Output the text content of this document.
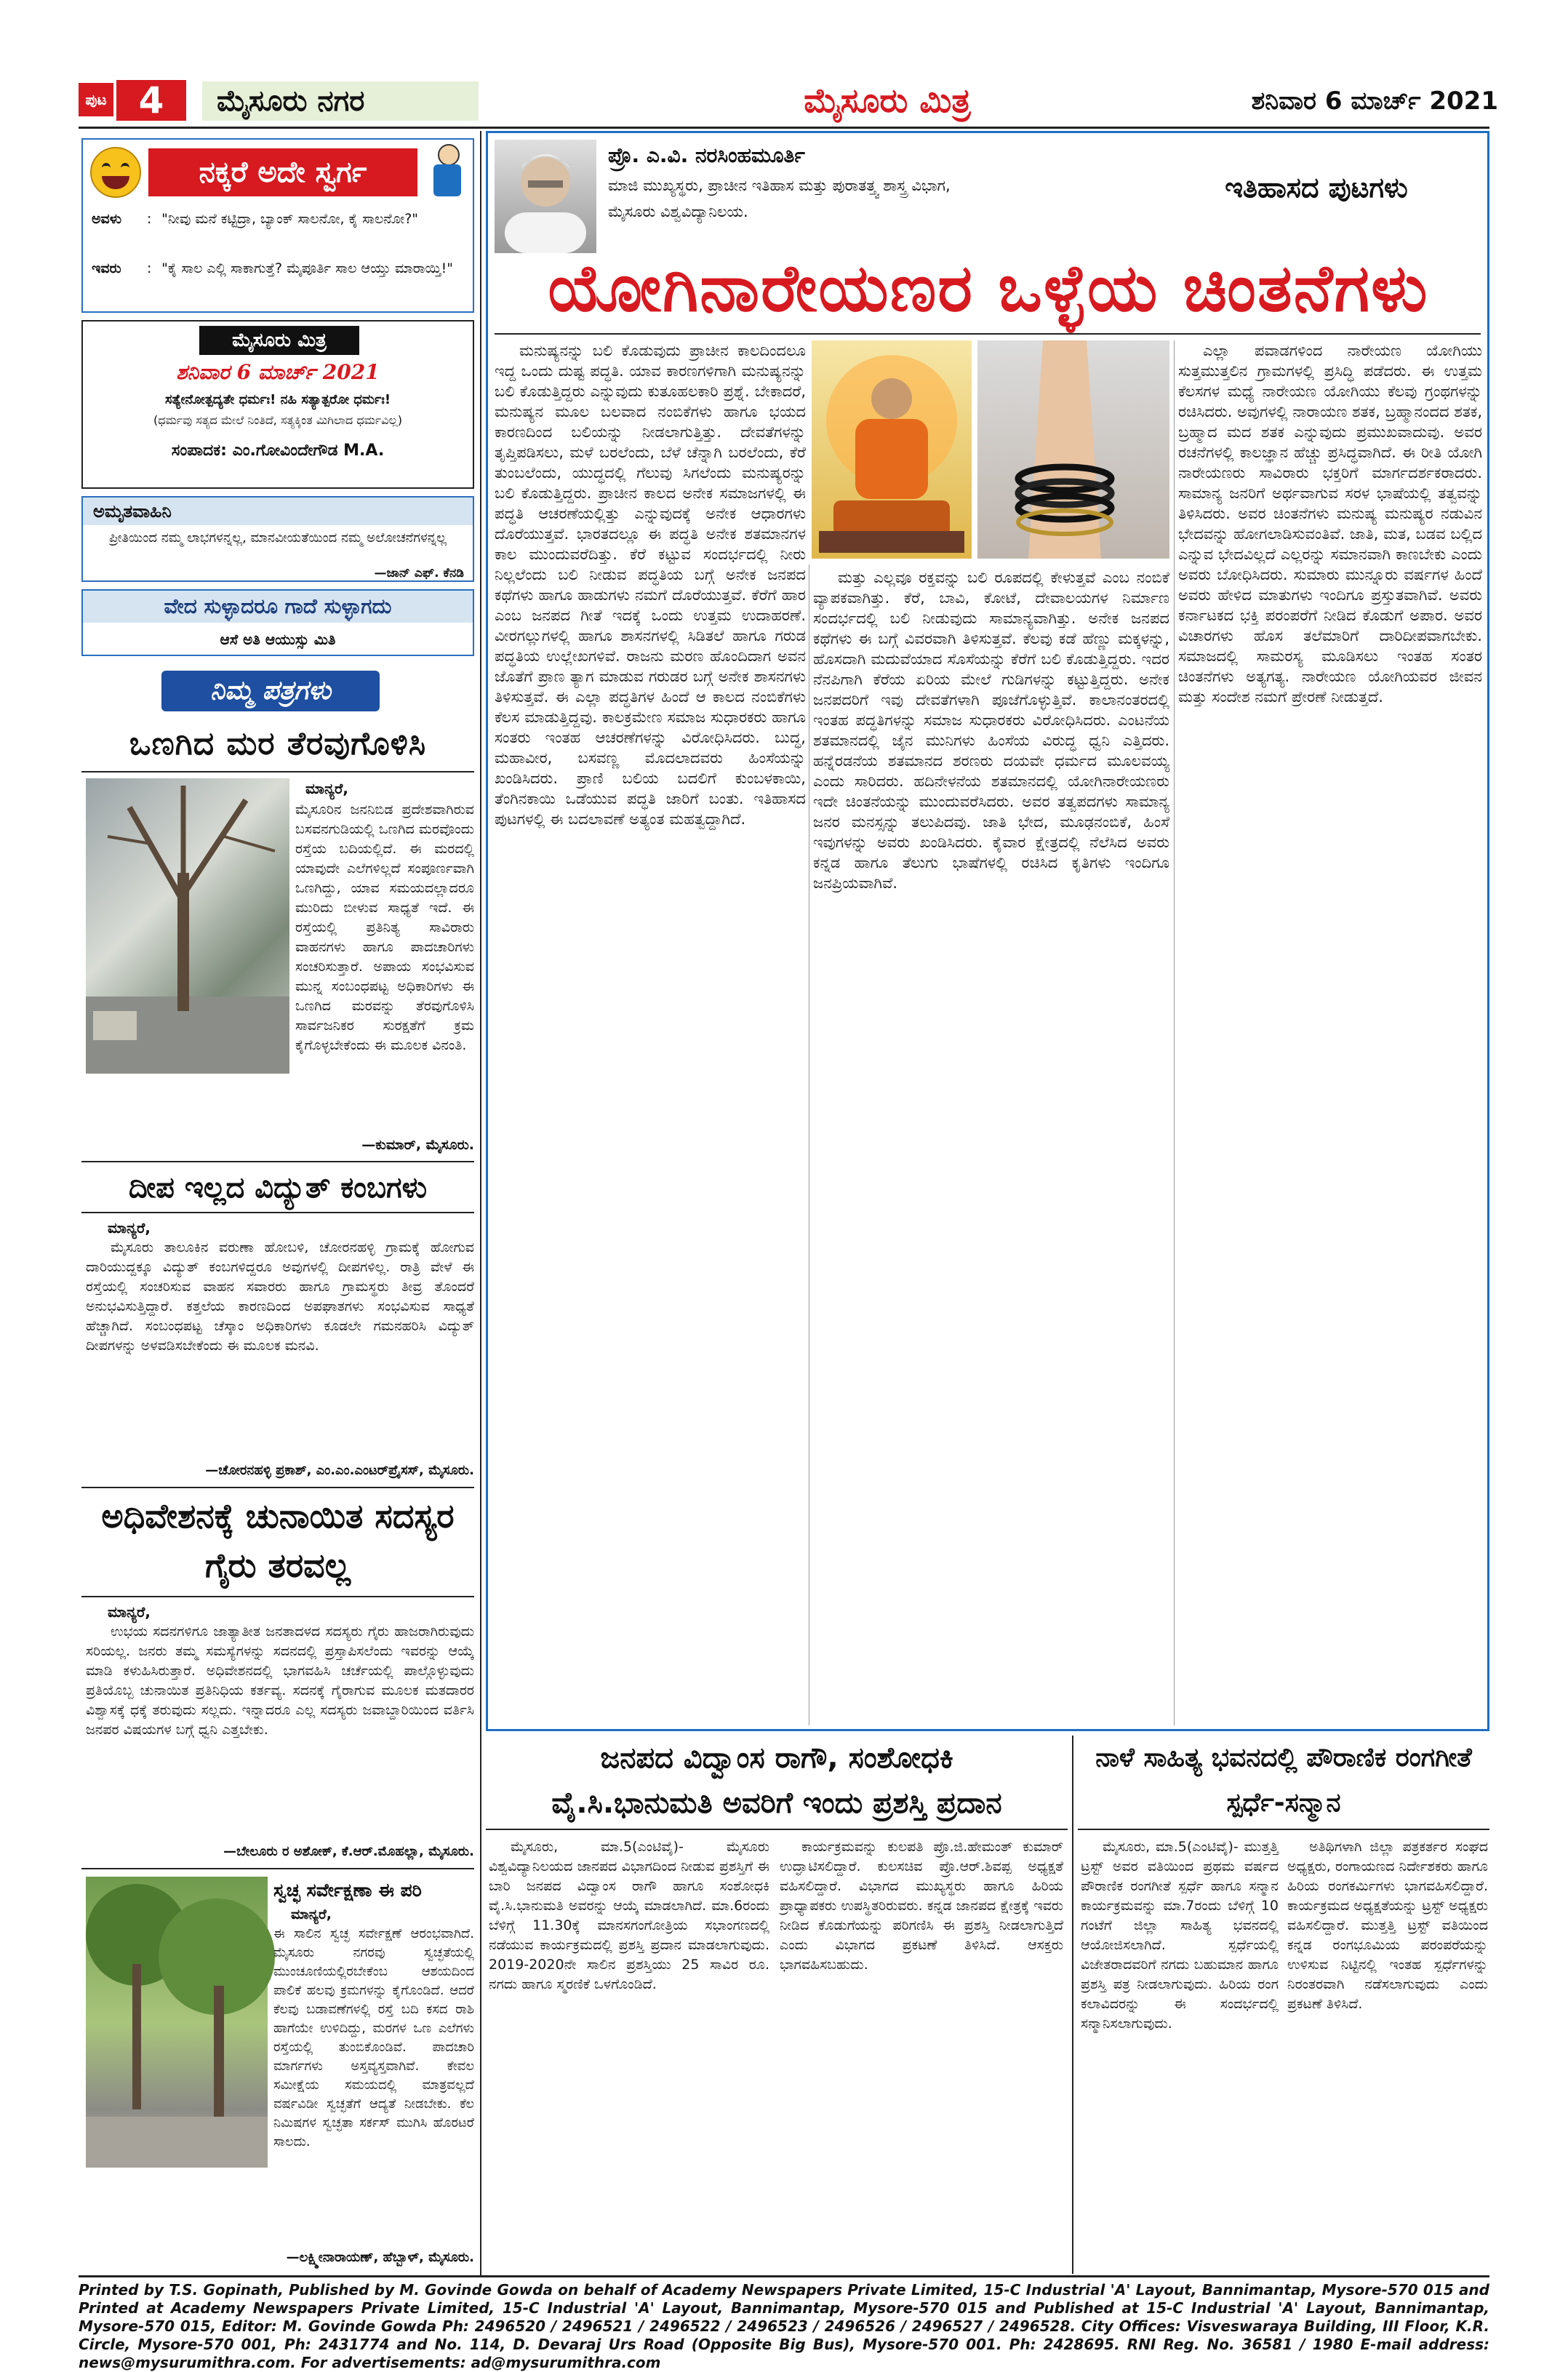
ಪುಟ 4	ಮೈಸೂರು ನಗರ	ಮೈಸೂರು ಮಿತ್ರ	ಶನಿವಾರ 6 ಮಾರ್ಚ್ 2021
ನಕ್ಕರೆ ಅದೇ ಸ್ವರ್ಗ
ಅವಳು : "ನೀವು ಮನೆ ಕಟ್ಟಿದ್ರಾ, ಬ್ಯಾಂಕ್ ಸಾಲನೋ, ಕೈ ಸಾಲನೋ?"
ಇವರು : "ಕೈ ಸಾಲ ಎಲ್ಲಿ ಸಾಕಾಗುತ್ತೆ? ಮೈಪೂರ್ತಿ ಸಾಲ ಆಯ್ತು ಮಾರಾಯ್ತಿ!"
ಮೈಸೂರು ಮಿತ್ರ
ಶನಿವಾರ 6 ಮಾರ್ಚ್ 2021
ಸತ್ಯೇನೋತ್ಪದ್ಯತೇ ಧರ್ಮಃ! ನಹಿ ಸತ್ಯಾತ್ಪರೋ ಧರ್ಮಃ!
(ಧರ್ಮವು ಸತ್ಯದ ಮೇಲೆ ನಿಂತಿದೆ, ಸತ್ಯಕ್ಕಿಂತ ಮಿಗಿಲಾದ ಧರ್ಮವಿಲ್ಲ)
ಸಂಪಾದಕ: ಎಂ.ಗೋವಿಂದೇಗೌಡ M.A.
ಅಮೃತವಾಹಿನಿ
ಪ್ರೀತಿಯಿಂದ ನಮ್ಮ ಲಾಭಗಳನ್ನಲ್ಲ, ಮಾನವೀಯತೆಯಿಂದ ನಮ್ಮ ಅಲೋಚನೆಗಳನ್ನಲ್ಲ
—ಜಾನ್ ಎಫ್. ಕೆನಡಿ
ವೇದ ಸುಳ್ಳಾದರೂ ಗಾದೆ ಸುಳ್ಳಾಗದು
ಆಸೆ ಅತಿ ಆಯುಸ್ಸು ಮಿತಿ
ನಿಮ್ಮ ಪತ್ರಗಳು
ಒಣಗಿದ ಮರ ತೆರವುಗೊಳಿಸಿ
ಮಾನ್ಯರೆ,
ಮೈಸೂರಿನ ಜನನಿಬಿಡ ಪ್ರದೇಶವಾಗಿರುವ ಬಸವನಗುಡಿಯಲ್ಲಿ ಒಣಗಿದ ಮರವೊಂದು ರಸ್ತೆಯ ಬದಿಯಲ್ಲಿದೆ. ಈ ಮರದಲ್ಲಿ ಯಾವುದೇ ಎಲೆಗಳಿಲ್ಲದೆ ಸಂಪೂರ್ಣವಾಗಿ ಒಣಗಿದ್ದು, ಯಾವ ಸಮಯದಲ್ಲಾದರೂ ಮುರಿದು ಬೀಳುವ ಸಾಧ್ಯತೆ ಇದೆ. ಈ ರಸ್ತೆಯಲ್ಲಿ ಪ್ರತಿನಿತ್ಯ ಸಾವಿರಾರು ವಾಹನಗಳು ಹಾಗೂ ಪಾದಚಾರಿಗಳು ಸಂಚರಿಸುತ್ತಾರೆ. ಅಪಾಯ ಸಂಭವಿಸುವ ಮುನ್ನ ಸಂಬಂಧಪಟ್ಟ ಅಧಿಕಾರಿಗಳು ಈ ಒಣಗಿದ ಮರವನ್ನು ತೆರವುಗೊಳಿಸಿ ಸಾರ್ವಜನಿಕರ ಸುರಕ್ಷತೆಗೆ ಕ್ರಮ ಕೈಗೊಳ್ಳಬೇಕೆಂದು ಈ ಮೂಲಕ ವಿನಂತಿ.
—ಕುಮಾರ್, ಮೈಸೂರು.
ದೀಪ ಇಲ್ಲದ ವಿದ್ಯುತ್ ಕಂಬಗಳು
ಮಾನ್ಯರೆ,
ಮೈಸೂರು ತಾಲೂಕಿನ ವರುಣಾ ಹೋಬಳಿ, ಚೋರನಹಳ್ಳಿ ಗ್ರಾಮಕ್ಕೆ ಹೋಗುವ ದಾರಿಯುದ್ದಕ್ಕೂ ವಿದ್ಯುತ್ ಕಂಬಗಳಿದ್ದರೂ ಅವುಗಳಲ್ಲಿ ದೀಪಗಳಿಲ್ಲ. ರಾತ್ರಿ ವೇಳೆ ಈ ರಸ್ತೆಯಲ್ಲಿ ಸಂಚರಿಸುವ ವಾಹನ ಸವಾರರು ಹಾಗೂ ಗ್ರಾಮಸ್ಥರು ತೀವ್ರ ತೊಂದರೆ ಅನುಭವಿಸುತ್ತಿದ್ದಾರೆ. ಕತ್ತಲೆಯ ಕಾರಣದಿಂದ ಅಪಘಾತಗಳು ಸಂಭವಿಸುವ ಸಾಧ್ಯತೆ ಹೆಚ್ಚಾಗಿದೆ. ಸಂಬಂಧಪಟ್ಟ ಚೆಸ್ಕಾಂ ಅಧಿಕಾರಿಗಳು ಕೂಡಲೇ ಗಮನಹರಿಸಿ ವಿದ್ಯುತ್ ದೀಪಗಳನ್ನು ಅಳವಡಿಸಬೇಕೆಂದು ಈ ಮೂಲಕ ಮನವಿ.
—ಚೋರನಹಳ್ಳಿ ಪ್ರಕಾಶ್, ಎಂ.ಎಂ.ಎಂಟರ್‌ಪ್ರೈಸಸ್, ಮೈಸೂರು.
ಅಧಿವೇಶನಕ್ಕೆ ಚುನಾಯಿತ ಸದಸ್ಯರ ಗೈರು ತರವಲ್ಲ
ಮಾನ್ಯರೆ,
ಉಭಯ ಸದನಗಳಿಗೂ ಜಾತ್ಯಾತೀತ ಜನತಾದಳದ ಸದಸ್ಯರು ಗೈರು ಹಾಜರಾಗಿರುವುದು ಸರಿಯಲ್ಲ. ಜನರು ತಮ್ಮ ಸಮಸ್ಯೆಗಳನ್ನು ಸದನದಲ್ಲಿ ಪ್ರಸ್ತಾಪಿಸಲೆಂದು ಇವರನ್ನು ಆಯ್ಕೆ ಮಾಡಿ ಕಳುಹಿಸಿರುತ್ತಾರೆ. ಅಧಿವೇಶನದಲ್ಲಿ ಭಾಗವಹಿಸಿ ಚರ್ಚೆಯಲ್ಲಿ ಪಾಲ್ಗೊಳ್ಳುವುದು ಪ್ರತಿಯೊಬ್ಬ ಚುನಾಯಿತ ಪ್ರತಿನಿಧಿಯ ಕರ್ತವ್ಯ. ಸದನಕ್ಕೆ ಗೈರಾಗುವ ಮೂಲಕ ಮತದಾರರ ವಿಶ್ವಾಸಕ್ಕೆ ಧಕ್ಕೆ ತರುವುದು ಸಲ್ಲದು. ಇನ್ನಾದರೂ ಎಲ್ಲ ಸದಸ್ಯರು ಜವಾಬ್ದಾರಿಯಿಂದ ವರ್ತಿಸಿ ಜನಪರ ವಿಷಯಗಳ ಬಗ್ಗೆ ಧ್ವನಿ ಎತ್ತಬೇಕು.
—ಬೇಲೂರು ರ ಅಶೋಕ್, ಕೆ.ಆರ್.ಮೊಹಲ್ಲಾ, ಮೈಸೂರು.
ಸ್ವಚ್ಛ ಸರ್ವೇಕ್ಷಣಾ ಈ ಪರಿ
ಮಾನ್ಯರೆ,
ಈ ಸಾಲಿನ ಸ್ವಚ್ಛ ಸರ್ವೇಕ್ಷಣೆ ಆರಂಭವಾಗಿದೆ. ಮೈಸೂರು ನಗರವು ಸ್ವಚ್ಛತೆಯಲ್ಲಿ ಮುಂಚೂಣಿಯಲ್ಲಿರಬೇಕೆಂಬ ಆಶಯದಿಂದ ಪಾಲಿಕೆ ಹಲವು ಕ್ರಮಗಳನ್ನು ಕೈಗೊಂಡಿದೆ. ಆದರೆ ಕೆಲವು ಬಡಾವಣೆಗಳಲ್ಲಿ ರಸ್ತೆ ಬದಿ ಕಸದ ರಾಶಿ ಹಾಗೆಯೇ ಉಳಿದಿದ್ದು, ಮರಗಳ ಒಣ ಎಲೆಗಳು ರಸ್ತೆಯಲ್ಲಿ ತುಂಬಿಕೊಂಡಿವೆ. ಪಾದಚಾರಿ ಮಾರ್ಗಗಳು ಅಸ್ತವ್ಯಸ್ತವಾಗಿವೆ. ಕೇವಲ ಸಮೀಕ್ಷೆಯ ಸಮಯದಲ್ಲಿ ಮಾತ್ರವಲ್ಲದೆ ವರ್ಷವಿಡೀ ಸ್ವಚ್ಛತೆಗೆ ಆದ್ಯತೆ ನೀಡಬೇಕು. ಕೆಲ ನಿಮಿಷಗಳ ಸ್ವಚ್ಛತಾ ಸರ್ಕಸ್ ಮುಗಿಸಿ ಹೊರಟರೆ ಸಾಲದು.
—ಲಕ್ಷ್ಮೀನಾರಾಯಣ್, ಹೆಬ್ಬಾಳ್, ಮೈಸೂರು.
ಪ್ರೊ. ಎ.ವಿ. ನರಸಿಂಹಮೂರ್ತಿ
ಮಾಜಿ ಮುಖ್ಯಸ್ಥರು, ಪ್ರಾಚೀನ ಇತಿಹಾಸ ಮತ್ತು ಪುರಾತತ್ತ್ವ ಶಾಸ್ತ್ರ ವಿಭಾಗ,
ಮೈಸೂರು ವಿಶ್ವವಿದ್ಯಾನಿಲಯ.
ಇತಿಹಾಸದ ಪುಟಗಳು
ಯೋಗಿನಾರೇಯಣರ ಒಳ್ಳೆಯ ಚಿಂತನೆಗಳು
ಮನುಷ್ಯನನ್ನು ಬಲಿ ಕೊಡುವುದು ಪ್ರಾಚೀನ ಕಾಲದಿಂದಲೂ ಇದ್ದ ಒಂದು ದುಷ್ಟ ಪದ್ಧತಿ. ಯಾವ ಕಾರಣಗಳಿಗಾಗಿ ಮನುಷ್ಯನನ್ನು ಬಲಿ ಕೊಡುತ್ತಿದ್ದರು ಎನ್ನುವುದು ಕುತೂಹಲಕಾರಿ ಪ್ರಶ್ನೆ. ಬೇಕಾದರೆ, ಮನುಷ್ಯನ ಮೂಲ ಬಲವಾದ ನಂಬಿಕೆಗಳು ಹಾಗೂ ಭಯದ ಕಾರಣದಿಂದ ಬಲಿಯನ್ನು ನೀಡಲಾಗುತ್ತಿತ್ತು. ದೇವತೆಗಳನ್ನು ತೃಪ್ತಿಪಡಿಸಲು, ಮಳೆ ಬರಲೆಂದು, ಬೆಳೆ ಚೆನ್ನಾಗಿ ಬರಲೆಂದು, ಕೆರೆ ತುಂಬಲೆಂದು, ಯುದ್ಧದಲ್ಲಿ ಗೆಲುವು ಸಿಗಲೆಂದು ಮನುಷ್ಯರನ್ನು ಬಲಿ ಕೊಡುತ್ತಿದ್ದರು. ಪ್ರಾಚೀನ ಕಾಲದ ಅನೇಕ ಸಮಾಜಗಳಲ್ಲಿ ಈ ಪದ್ಧತಿ ಆಚರಣೆಯಲ್ಲಿತ್ತು ಎನ್ನುವುದಕ್ಕೆ ಅನೇಕ ಆಧಾರಗಳು ದೊರೆಯುತ್ತವೆ. ಭಾರತದಲ್ಲೂ ಈ ಪದ್ಧತಿ ಅನೇಕ ಶತಮಾನಗಳ ಕಾಲ ಮುಂದುವರೆದಿತ್ತು. ಕೆರೆ ಕಟ್ಟುವ ಸಂದರ್ಭದಲ್ಲಿ ನೀರು ನಿಲ್ಲಲೆಂದು ಬಲಿ ನೀಡುವ ಪದ್ಧತಿಯ ಬಗ್ಗೆ ಅನೇಕ ಜನಪದ ಕಥೆಗಳು ಹಾಗೂ ಹಾಡುಗಳು ನಮಗೆ ದೊರೆಯುತ್ತವೆ. ಕೆರೆಗೆ ಹಾರ ಎಂಬ ಜನಪದ ಗೀತೆ ಇದಕ್ಕೆ ಒಂದು ಉತ್ತಮ ಉದಾಹರಣೆ. ವೀರಗಲ್ಲುಗಳಲ್ಲಿ ಹಾಗೂ ಶಾಸನಗಳಲ್ಲಿ ಸಿಡಿತಲೆ ಹಾಗೂ ಗರುಡ ಪದ್ಧತಿಯ ಉಲ್ಲೇಖಗಳಿವೆ. ರಾಜನು ಮರಣ ಹೊಂದಿದಾಗ ಅವನ ಜೊತೆಗೆ ಪ್ರಾಣ ತ್ಯಾಗ ಮಾಡುವ ಗರುಡರ ಬಗ್ಗೆ ಅನೇಕ ಶಾಸನಗಳು ತಿಳಿಸುತ್ತವೆ. ಈ ಎಲ್ಲಾ ಪದ್ಧತಿಗಳ ಹಿಂದೆ ಆ ಕಾಲದ ನಂಬಿಕೆಗಳು ಕೆಲಸ ಮಾಡುತ್ತಿದ್ದವು. ಕಾಲಕ್ರಮೇಣ ಸಮಾಜ ಸುಧಾರಕರು ಹಾಗೂ ಸಂತರು ಇಂತಹ ಆಚರಣೆಗಳನ್ನು ವಿರೋಧಿಸಿದರು. ಬುದ್ಧ, ಮಹಾವೀರ, ಬಸವಣ್ಣ ಮೊದಲಾದವರು ಹಿಂಸೆಯನ್ನು ಖಂಡಿಸಿದರು. ಪ್ರಾಣಿ ಬಲಿಯ ಬದಲಿಗೆ ಕುಂಬಳಕಾಯಿ, ತೆಂಗಿನಕಾಯಿ ಒಡೆಯುವ ಪದ್ಧತಿ ಜಾರಿಗೆ ಬಂತು. ಇತಿಹಾಸದ ಪುಟಗಳಲ್ಲಿ ಈ ಬದಲಾವಣೆ ಅತ್ಯಂತ ಮಹತ್ವದ್ದಾಗಿದೆ.
ಮತ್ತು ಎಲ್ಲವೂ ರಕ್ತವನ್ನು ಬಲಿ ರೂಪದಲ್ಲಿ ಕೇಳುತ್ತವೆ ಎಂಬ ನಂಬಿಕೆ ವ್ಯಾಪಕವಾಗಿತ್ತು. ಕೆರೆ, ಬಾವಿ, ಕೋಟೆ, ದೇವಾಲಯಗಳ ನಿರ್ಮಾಣ ಸಂದರ್ಭದಲ್ಲಿ ಬಲಿ ನೀಡುವುದು ಸಾಮಾನ್ಯವಾಗಿತ್ತು. ಅನೇಕ ಜನಪದ ಕಥೆಗಳು ಈ ಬಗ್ಗೆ ವಿವರವಾಗಿ ತಿಳಿಸುತ್ತವೆ. ಕೆಲವು ಕಡೆ ಹೆಣ್ಣು ಮಕ್ಕಳನ್ನು, ಹೊಸದಾಗಿ ಮದುವೆಯಾದ ಸೊಸೆಯನ್ನು ಕೆರೆಗೆ ಬಲಿ ಕೊಡುತ್ತಿದ್ದರು. ಇದರ ನೆನಪಿಗಾಗಿ ಕೆರೆಯ ಏರಿಯ ಮೇಲೆ ಗುಡಿಗಳನ್ನು ಕಟ್ಟುತ್ತಿದ್ದರು. ಅನೇಕ ಜನಪದರಿಗೆ ಇವು ದೇವತೆಗಳಾಗಿ ಪೂಜೆಗೊಳ್ಳುತ್ತಿವೆ. ಕಾಲಾನಂತರದಲ್ಲಿ ಇಂತಹ ಪದ್ಧತಿಗಳನ್ನು ಸಮಾಜ ಸುಧಾರಕರು ವಿರೋಧಿಸಿದರು. ಎಂಟನೆಯ ಶತಮಾನದಲ್ಲಿ ಜೈನ ಮುನಿಗಳು ಹಿಂಸೆಯ ವಿರುದ್ಧ ಧ್ವನಿ ಎತ್ತಿದರು. ಹನ್ನೆರಡನೆಯ ಶತಮಾನದ ಶರಣರು ದಯವೇ ಧರ್ಮದ ಮೂಲವಯ್ಯ ಎಂದು ಸಾರಿದರು. ಹದಿನೇಳನೆಯ ಶತಮಾನದಲ್ಲಿ ಯೋಗಿನಾರೇಯಣರು ಇದೇ ಚಿಂತನೆಯನ್ನು ಮುಂದುವರೆಸಿದರು. ಅವರ ತತ್ವಪದಗಳು ಸಾಮಾನ್ಯ ಜನರ ಮನಸ್ಸನ್ನು ತಲುಪಿದವು. ಜಾತಿ ಭೇದ, ಮೂಢನಂಬಿಕೆ, ಹಿಂಸೆ ಇವುಗಳನ್ನು ಅವರು ಖಂಡಿಸಿದರು. ಕೈವಾರ ಕ್ಷೇತ್ರದಲ್ಲಿ ನೆಲೆಸಿದ ಅವರು ಕನ್ನಡ ಹಾಗೂ ತೆಲುಗು ಭಾಷೆಗಳಲ್ಲಿ ರಚಿಸಿದ ಕೃತಿಗಳು ಇಂದಿಗೂ ಜನಪ್ರಿಯವಾಗಿವೆ.
ಎಲ್ಲಾ ಪವಾಡಗಳಿಂದ ನಾರೇಯಣ ಯೋಗಿಯು ಸುತ್ತಮುತ್ತಲಿನ ಗ್ರಾಮಗಳಲ್ಲಿ ಪ್ರಸಿದ್ಧಿ ಪಡೆದರು. ಈ ಉತ್ತಮ ಕೆಲಸಗಳ ಮಧ್ಯೆ ನಾರೇಯಣ ಯೋಗಿಯು ಕೆಲವು ಗ್ರಂಥಗಳನ್ನು ರಚಿಸಿದರು. ಅವುಗಳಲ್ಲಿ ನಾರಾಯಣ ಶತಕ, ಬ್ರಹ್ಮಾನಂದದ ಶತಕ, ಬ್ರಹ್ಮಾದ ಮದ ಶತಕ ಎನ್ನುವುದು ಪ್ರಮುಖವಾದುವು. ಅವರ ರಚನೆಗಳಲ್ಲಿ ಕಾಲಜ್ಞಾನ ಹೆಚ್ಚು ಪ್ರಸಿದ್ಧವಾಗಿದೆ. ಈ ರೀತಿ ಯೋಗಿ ನಾರೇಯಣರು ಸಾವಿರಾರು ಭಕ್ತರಿಗೆ ಮಾರ್ಗದರ್ಶಕರಾದರು. ಸಾಮಾನ್ಯ ಜನರಿಗೆ ಅರ್ಥವಾಗುವ ಸರಳ ಭಾಷೆಯಲ್ಲಿ ತತ್ವವನ್ನು ತಿಳಿಸಿದರು. ಅವರ ಚಿಂತನೆಗಳು ಮನುಷ್ಯ ಮನುಷ್ಯರ ನಡುವಿನ ಭೇದವನ್ನು ಹೋಗಲಾಡಿಸುವಂತಿವೆ. ಜಾತಿ, ಮತ, ಬಡವ ಬಲ್ಲಿದ ಎನ್ನುವ ಭೇದವಿಲ್ಲದೆ ಎಲ್ಲರನ್ನು ಸಮಾನವಾಗಿ ಕಾಣಬೇಕು ಎಂದು ಅವರು ಬೋಧಿಸಿದರು. ಸುಮಾರು ಮುನ್ನೂರು ವರ್ಷಗಳ ಹಿಂದೆ ಅವರು ಹೇಳಿದ ಮಾತುಗಳು ಇಂದಿಗೂ ಪ್ರಸ್ತುತವಾಗಿವೆ. ಅವರು ಕರ್ನಾಟಕದ ಭಕ್ತಿ ಪರಂಪರೆಗೆ ನೀಡಿದ ಕೊಡುಗೆ ಅಪಾರ. ಅವರ ವಿಚಾರಗಳು ಹೊಸ ತಲೆಮಾರಿಗೆ ದಾರಿದೀಪವಾಗಬೇಕು. ಸಮಾಜದಲ್ಲಿ ಸಾಮರಸ್ಯ ಮೂಡಿಸಲು ಇಂತಹ ಸಂತರ ಚಿಂತನೆಗಳು ಅತ್ಯಗತ್ಯ. ನಾರೇಯಣ ಯೋಗಿಯವರ ಜೀವನ ಮತ್ತು ಸಂದೇಶ ನಮಗೆ ಪ್ರೇರಣೆ ನೀಡುತ್ತದೆ.
ಜನಪದ ವಿದ್ವಾಂಸ ರಾಗೌ, ಸಂಶೋಧಕಿ
ವೈ.ಸಿ.ಭಾನುಮತಿ ಅವರಿಗೆ ಇಂದು ಪ್ರಶಸ್ತಿ ಪ್ರದಾನ
ಮೈಸೂರು, ಮಾ.5(ಎಂಟಿವೈ)- ಮೈಸೂರು ವಿಶ್ವವಿದ್ಯಾನಿಲಯದ ಜಾನಪದ ವಿಭಾಗದಿಂದ ನೀಡುವ ಪ್ರಶಸ್ತಿಗೆ ಈ ಬಾರಿ ಜನಪದ ವಿದ್ವಾಂಸ ರಾಗೌ ಹಾಗೂ ಸಂಶೋಧಕಿ ವೈ.ಸಿ.ಭಾನುಮತಿ ಅವರನ್ನು ಆಯ್ಕೆ ಮಾಡಲಾಗಿದೆ. ಮಾ.6ರಂದು ಬೆಳಿಗ್ಗೆ 11.30ಕ್ಕೆ ಮಾನಸಗಂಗೋತ್ರಿಯ ಸಭಾಂಗಣದಲ್ಲಿ ನಡೆಯುವ ಕಾರ್ಯಕ್ರಮದಲ್ಲಿ ಪ್ರಶಸ್ತಿ ಪ್ರದಾನ ಮಾಡಲಾಗುವುದು. 2019-2020ನೇ ಸಾಲಿನ ಪ್ರಶಸ್ತಿಯು 25 ಸಾವಿರ ರೂ. ನಗದು ಹಾಗೂ ಸ್ಮರಣಿಕೆ ಒಳಗೊಂಡಿದೆ.
ಕಾರ್ಯಕ್ರಮವನ್ನು ಕುಲಪತಿ ಪ್ರೊ.ಜಿ.ಹೇಮಂತ್ ಕುಮಾರ್ ಉದ್ಘಾಟಿಸಲಿದ್ದಾರೆ. ಕುಲಸಚಿವ ಪ್ರೊ.ಆರ್.ಶಿವಪ್ಪ ಅಧ್ಯಕ್ಷತೆ ವಹಿಸಲಿದ್ದಾರೆ. ವಿಭಾಗದ ಮುಖ್ಯಸ್ಥರು ಹಾಗೂ ಹಿರಿಯ ಪ್ರಾಧ್ಯಾಪಕರು ಉಪಸ್ಥಿತರಿರುವರು. ಕನ್ನಡ ಜಾನಪದ ಕ್ಷೇತ್ರಕ್ಕೆ ಇವರು ನೀಡಿದ ಕೊಡುಗೆಯನ್ನು ಪರಿಗಣಿಸಿ ಈ ಪ್ರಶಸ್ತಿ ನೀಡಲಾಗುತ್ತಿದೆ ಎಂದು ವಿಭಾಗದ ಪ್ರಕಟಣೆ ತಿಳಿಸಿದೆ. ಆಸಕ್ತರು ಭಾಗವಹಿಸಬಹುದು.
ನಾಳೆ ಸಾಹಿತ್ಯ ಭವನದಲ್ಲಿ ಪೌರಾಣಿಕ ರಂಗಗೀತೆ ಸ್ಪರ್ಧೆ-ಸನ್ಮಾನ
ಮೈಸೂರು, ಮಾ.5(ಎಂಟಿವೈ)- ಮುತ್ತತ್ತಿ ಟ್ರಸ್ಟ್ ಅವರ ವತಿಯಿಂದ ಪ್ರಥಮ ವರ್ಷದ ಪೌರಾಣಿಕ ರಂಗಗೀತೆ ಸ್ಪರ್ಧೆ ಹಾಗೂ ಸನ್ಮಾನ ಕಾರ್ಯಕ್ರಮವನ್ನು ಮಾ.7ರಂದು ಬೆಳಿಗ್ಗೆ 10 ಗಂಟೆಗೆ ಜಿಲ್ಲಾ ಸಾಹಿತ್ಯ ಭವನದಲ್ಲಿ ಆಯೋಜಿಸಲಾಗಿದೆ. ಸ್ಪರ್ಧೆಯಲ್ಲಿ ವಿಜೇತರಾದವರಿಗೆ ನಗದು ಬಹುಮಾನ ಹಾಗೂ ಪ್ರಶಸ್ತಿ ಪತ್ರ ನೀಡಲಾಗುವುದು. ಹಿರಿಯ ರಂಗ ಕಲಾವಿದರನ್ನು ಈ ಸಂದರ್ಭದಲ್ಲಿ ಸನ್ಮಾನಿಸಲಾಗುವುದು.
ಅತಿಥಿಗಳಾಗಿ ಜಿಲ್ಲಾ ಪತ್ರಕರ್ತರ ಸಂಘದ ಅಧ್ಯಕ್ಷರು, ರಂಗಾಯಣದ ನಿರ್ದೇಶಕರು ಹಾಗೂ ಹಿರಿಯ ರಂಗಕರ್ಮಿಗಳು ಭಾಗವಹಿಸಲಿದ್ದಾರೆ. ಕಾರ್ಯಕ್ರಮದ ಅಧ್ಯಕ್ಷತೆಯನ್ನು ಟ್ರಸ್ಟ್ ಅಧ್ಯಕ್ಷರು ವಹಿಸಲಿದ್ದಾರೆ. ಮುತ್ತತ್ತಿ ಟ್ರಸ್ಟ್ ವತಿಯಿಂದ ಕನ್ನಡ ರಂಗಭೂಮಿಯ ಪರಂಪರೆಯನ್ನು ಉಳಿಸುವ ನಿಟ್ಟಿನಲ್ಲಿ ಇಂತಹ ಸ್ಪರ್ಧೆಗಳನ್ನು ನಿರಂತರವಾಗಿ ನಡೆಸಲಾಗುವುದು ಎಂದು ಪ್ರಕಟಣೆ ತಿಳಿಸಿದೆ.
Printed by T.S. Gopinath, Published by M. Govinde Gowda on behalf of Academy Newspapers Private Limited, 15-C Industrial 'A' Layout, Bannimantap, Mysore-570 015 and Printed at Academy Newspapers Private Limited, 15-C Industrial 'A' Layout, Bannimantap, Mysore-570 015 and Published at 15-C Industrial 'A' Layout, Bannimantap, Mysore-570 015, Editor: M. Govinde Gowda Ph: 2496520 / 2496521 / 2496522 / 2496523 / 2496526 / 2496527 / 2496528. City Offices: Visveswaraya Building, III Floor, K.R. Circle, Mysore-570 001, Ph: 2431774 and No. 114, D. Devaraj Urs Road (Opposite Big Bus), Mysore-570 001. Ph: 2428695. RNI Reg. No. 36581 / 1980 E-mail address: news@mysurumithra.com. For advertisements: ad@mysurumithra.com
